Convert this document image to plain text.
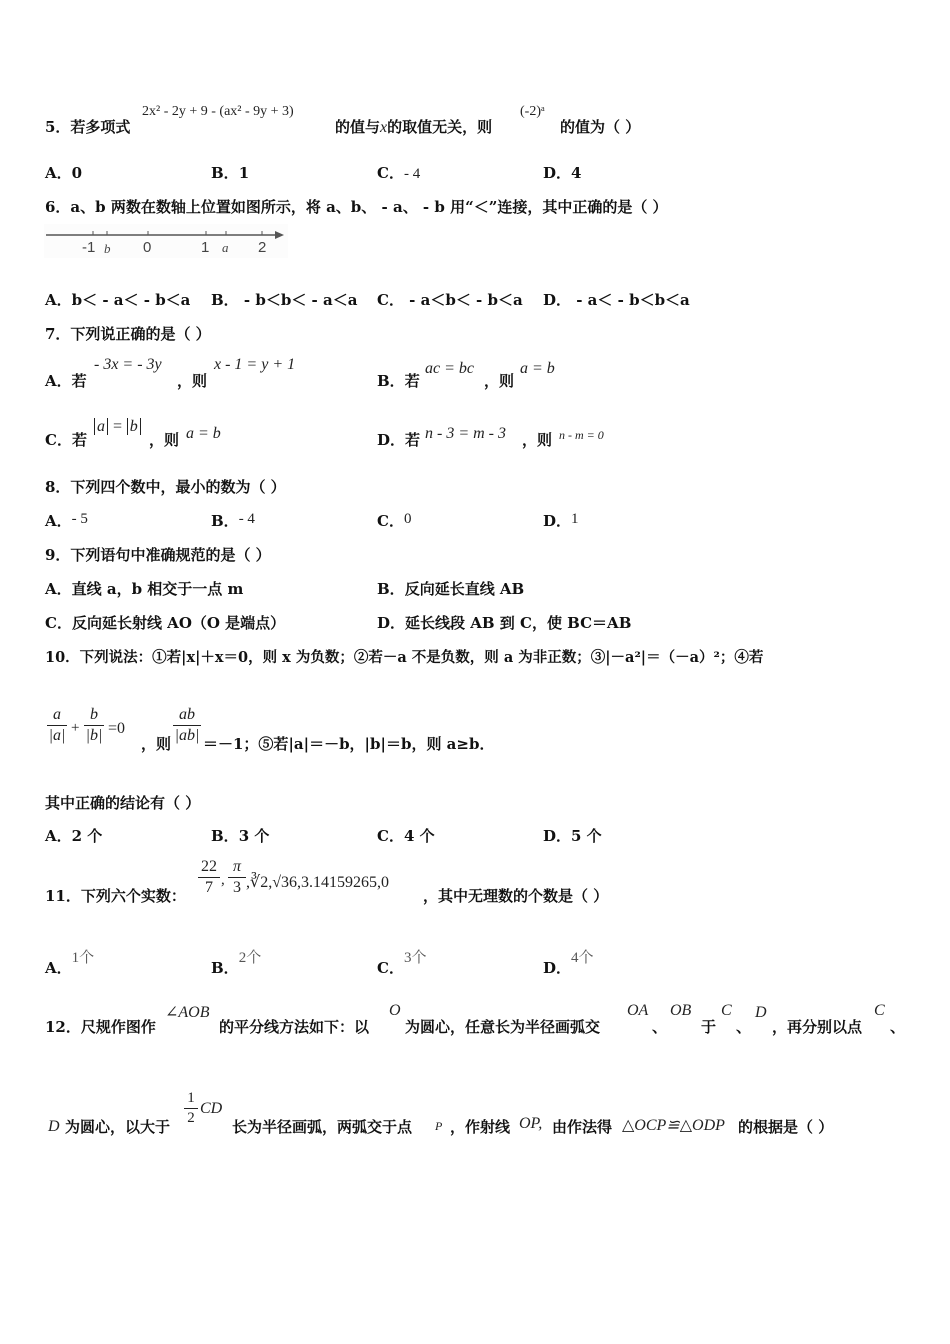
5．若多项式
2x² - 2y + 9 - (ax² - 9y + 3)
的值与x的取值无关，则
(-2)ᵃ
的值为（ ）
A．0	B．1	C．- 4	D．4
6．a、b 两数在数轴上位置如图所示，将 a、b、 - a、 - b 用“＜”连接，其中正确的是（ ）
-1 b 0	1 a 2
A．b＜ - a＜ - b＜a B． - b＜b＜ - a＜a C． - a＜b＜ - b＜a D． - a＜ - b＜b＜a
7．下列说正确的是（ ）
A．若
- 3x = - 3y
，则
x - 1 = y + 1
B．若
ac = bc
，则
a = b
C．若
a = b
，则 a = b	D．若 n - 3 = m - 3 ，则 n - m = 0
8．下列四个数中，最小的数为（ ）
A．- 5	B．- 4	C．0	D．1
9．下列语句中准确规范的是（ ）
A．直线 a，b 相交于一点 m	B．反向延长直线 AB
C．反向延长射线 AO（O 是端点）	D．延长线段 AB 到 C，使 BC＝AB
10．下列说法：①若|x|＋x＝0，则 x 为负数；②若－a 不是负数，则 a 为非正数；③|－a²|＝（－a）²；④若
a
|a| +
b
|b| =0
，则
ab
|ab| ＝－1；⑤若|a|＝－b，|b|＝b，则 a≥b．
其中正确的结论有（ ）
A．2 个	B．3 个	C．4 个	D．5 个
11．下列六个实数：
22
7 ,
π
3 ,∛2,√36,3.14159265,0
，其中无理数的个数是（ ）
A．1个
B．2个
C．3个
D．4个
12．尺规作图作
∠AOB
的平分线方法如下：以
O
为圆心，任意长为半径画弧交
OA
、
OB
于
C
、
D
，再分别以点
C
、
D 为圆心，以大于
1
2
CD
长为半径画弧，两弧交于点 P ，作射线 OP, 由作法得 △OCP≌△ODP 的根据是（ ）
